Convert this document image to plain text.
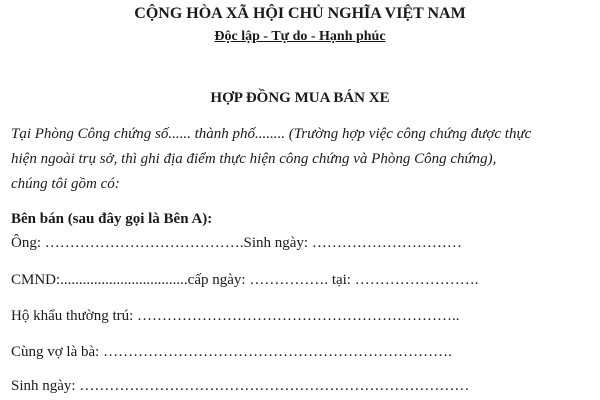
CỘNG HÒA XÃ HỘI CHỦ NGHĨA VIỆT NAM
Độc lập - Tự do - Hạnh phúc
HỢP ĐỒNG MUA BÁN XE
Tại Phòng Công chứng số...... thành phố........ (Trường hợp việc công chứng được thực
hiện ngoài trụ sở, thì ghi địa điểm thực hiện công chứng và Phòng Công chứng),
chúng tôi gồm có:
Bên bán (sau đây gọi là Bên A):
Ông: ………………………………….Sinh ngày: …………………………
CMND:..................................cấp ngày: ……………. tại: …………………….
Hộ khẩu thường trú: ………………………………………………………..
Cùng vợ là bà: …………………………………………………………….
Sinh ngày: ……………………………………………………………………
